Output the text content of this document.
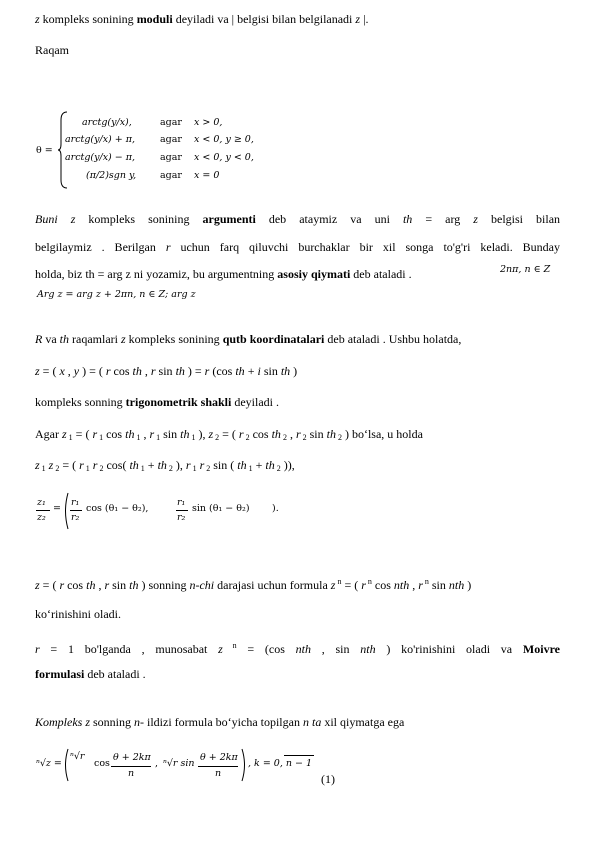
z kompleks sonining moduli deyiladi va | belgisi bilan belgilanadi z |.
Raqam
θ =
arctg(y/x),	agar x > 0,
arctg(y/x) + π,	agar x < 0, y ≥ 0,
arctg(y/x) − π,	agar x < 0, y < 0,
(π/2)sgn y,	agar x = 0
Buni z kompleks sonining argumenti deb ataymiz va uni th = arg z belgisi bilan
belgilaymiz . Berilgan r uchun farq qiluvchi burchaklar bir xil songa to'g'ri keladi. Bunday
holda, biz th = arg z ni yozamiz, bu argumentning asosiy qiymati deb ataladi .	2nπ, n ∈ Z
Arg z = arg z + 2πn, n ∈ Z; arg z
R va th raqamlari z kompleks sonining qutb koordinatalari deb ataladi . Ushbu holatda,
z = ( x , y ) = ( r cos th , r sin th ) = r (cos th + i sin th )
kompleks sonning trigonometrik shakli deyiladi .
Agar z $_1$ = ( r $_1$ cos th $_1$ , r $_1$ sin th $_1$ ), z $_2$ = ( r $_2$ cos th $_2$ , r $_2$ sin th $_2$ ) bo‘lsa, u holda
z $_1$ z $_2$ = ( r $_1$ r $_2$ cos( th $_1$ + th $_2$ ), r $_1$ r $_2$ sin ( th $_1$ + th $_2$ )),
z₁
z₂
=
r₁
r₂
cos (θ₁ − θ₂),
r₁
r₂
sin (θ₁ − θ₂) ).
z = ( r cos th , r sin th ) sonning n-chi darajasi uchun formula z $^n$ = ( r $^n$ cos nth , r $^n$ sin nth )
ko‘rinishini oladi.
r = 1 bo'lganda , munosabat z $^n$ = (cos nth , sin nth ) ko'rinishini oladi va Moivre
formulasi deb ataladi .
Kompleks z sonning n- ildizi formula bo‘yicha topilgan n ta xil qiymatga ega
ⁿ√z =
ⁿ√r
cos
θ + 2kπ
n
, ⁿ√r sin
θ + 2kπ
n
, k = 0, n − 1
(1)
